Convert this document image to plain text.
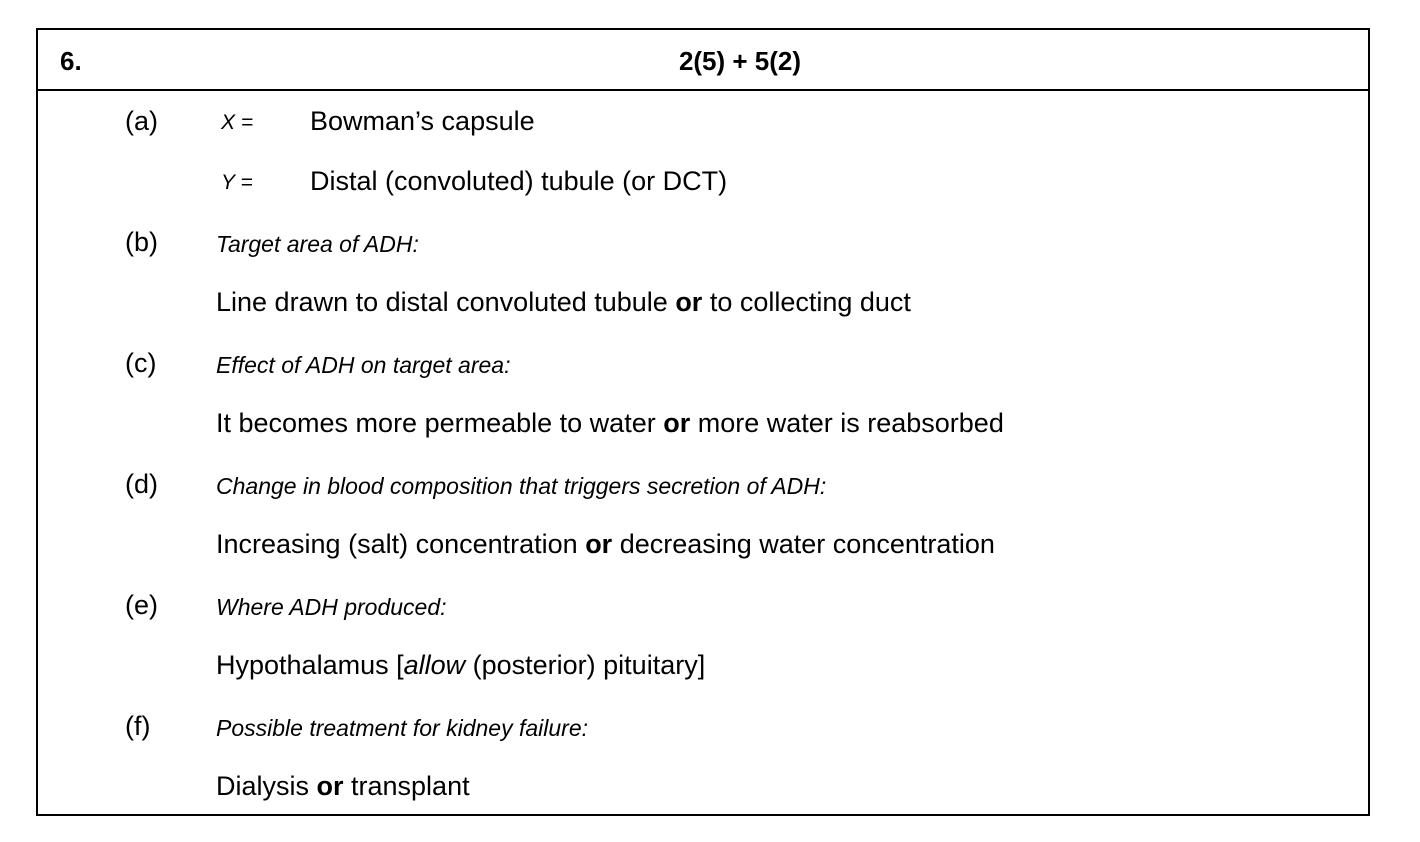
6.	2(5) + 5(2)
(a)	X = Bowman’s capsule
Y = Distal (convoluted) tubule (or DCT)
(b)	Target area of ADH:
Line drawn to distal convoluted tubule or to collecting duct
(c)	Effect of ADH on target area:
It becomes more permeable to water or more water is reabsorbed
(d)	Change in blood composition that triggers secretion of ADH:
Increasing (salt) concentration or decreasing water concentration
(e)	Where ADH produced:
Hypothalamus [allow (posterior) pituitary]
(f)	Possible treatment for kidney failure:
Dialysis or transplant
